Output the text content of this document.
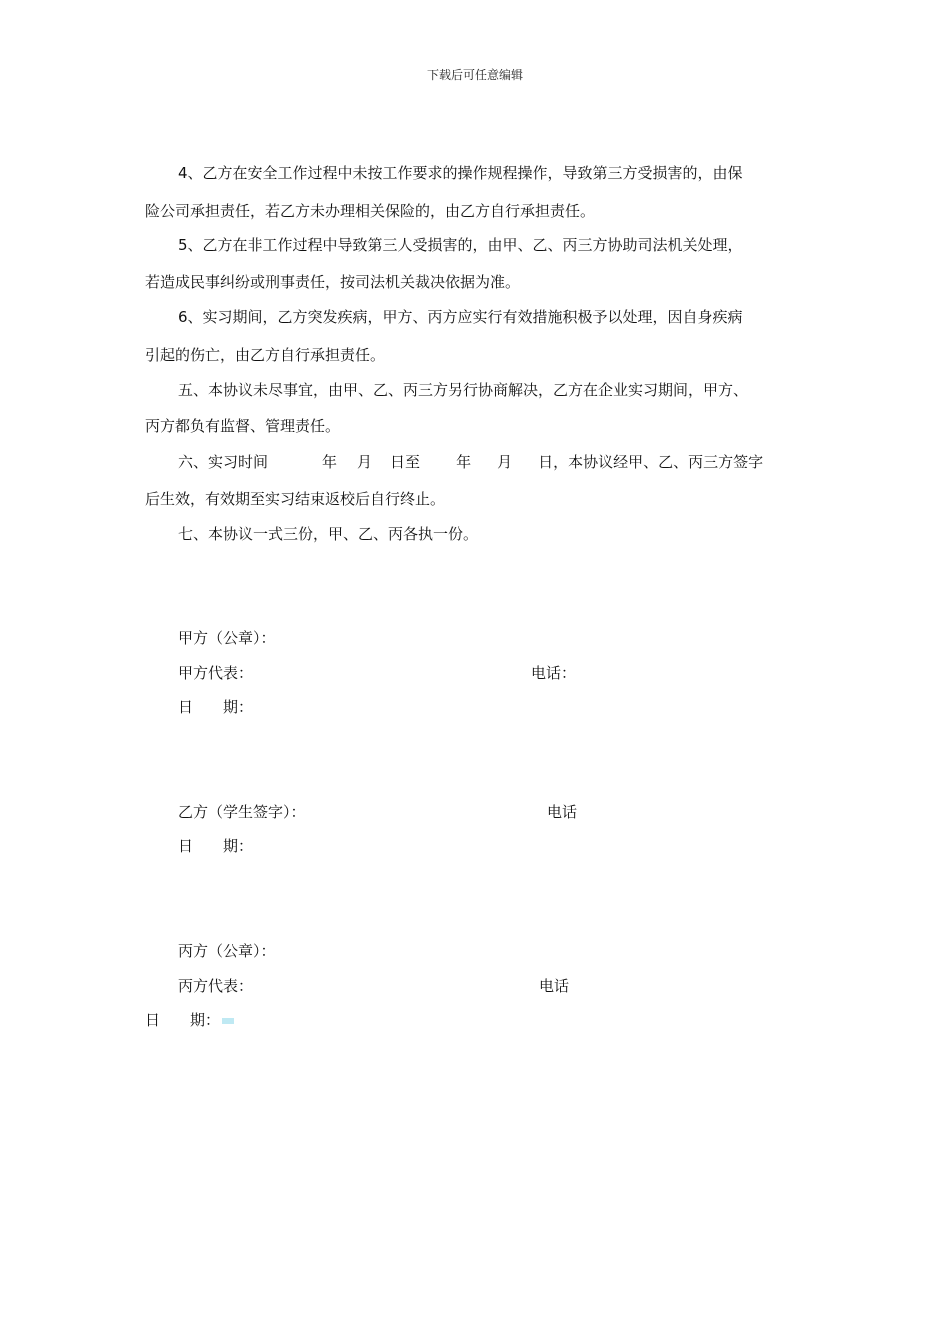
下载后可任意编辑
4、乙方在安全工作过程中未按工作要求的操作规程操作，导致第三方受损害的，由保
险公司承担责任，若乙方未办理相关保险的，由乙方自行承担责任。
5、乙方在非工作过程中导致第三人受损害的，由甲、乙、丙三方协助司法机关处理，
若造成民事纠纷或刑事责任，按司法机关裁决依据为准。
6、实习期间，乙方突发疾病，甲方、丙方应实行有效措施积极予以处理，因自身疾病
引起的伤亡，由乙方自行承担责任。
五、本协议未尽事宜，由甲、乙、丙三方另行协商解决，乙方在企业实习期间，甲方、
丙方都负有监督、管理责任。
六、实习时间	年 月 日至 年 月 日，本协议经甲、乙、丙三方签字
后生效，有效期至实习结束返校后自行终止。
七、本协议一式三份，甲、乙、丙各执一份。
甲方（公章）：
甲方代表：	电话：
日　　期：
乙方（学生签字）：	电话
日　　期：
丙方（公章）：
丙方代表：	电话
日　　期：
